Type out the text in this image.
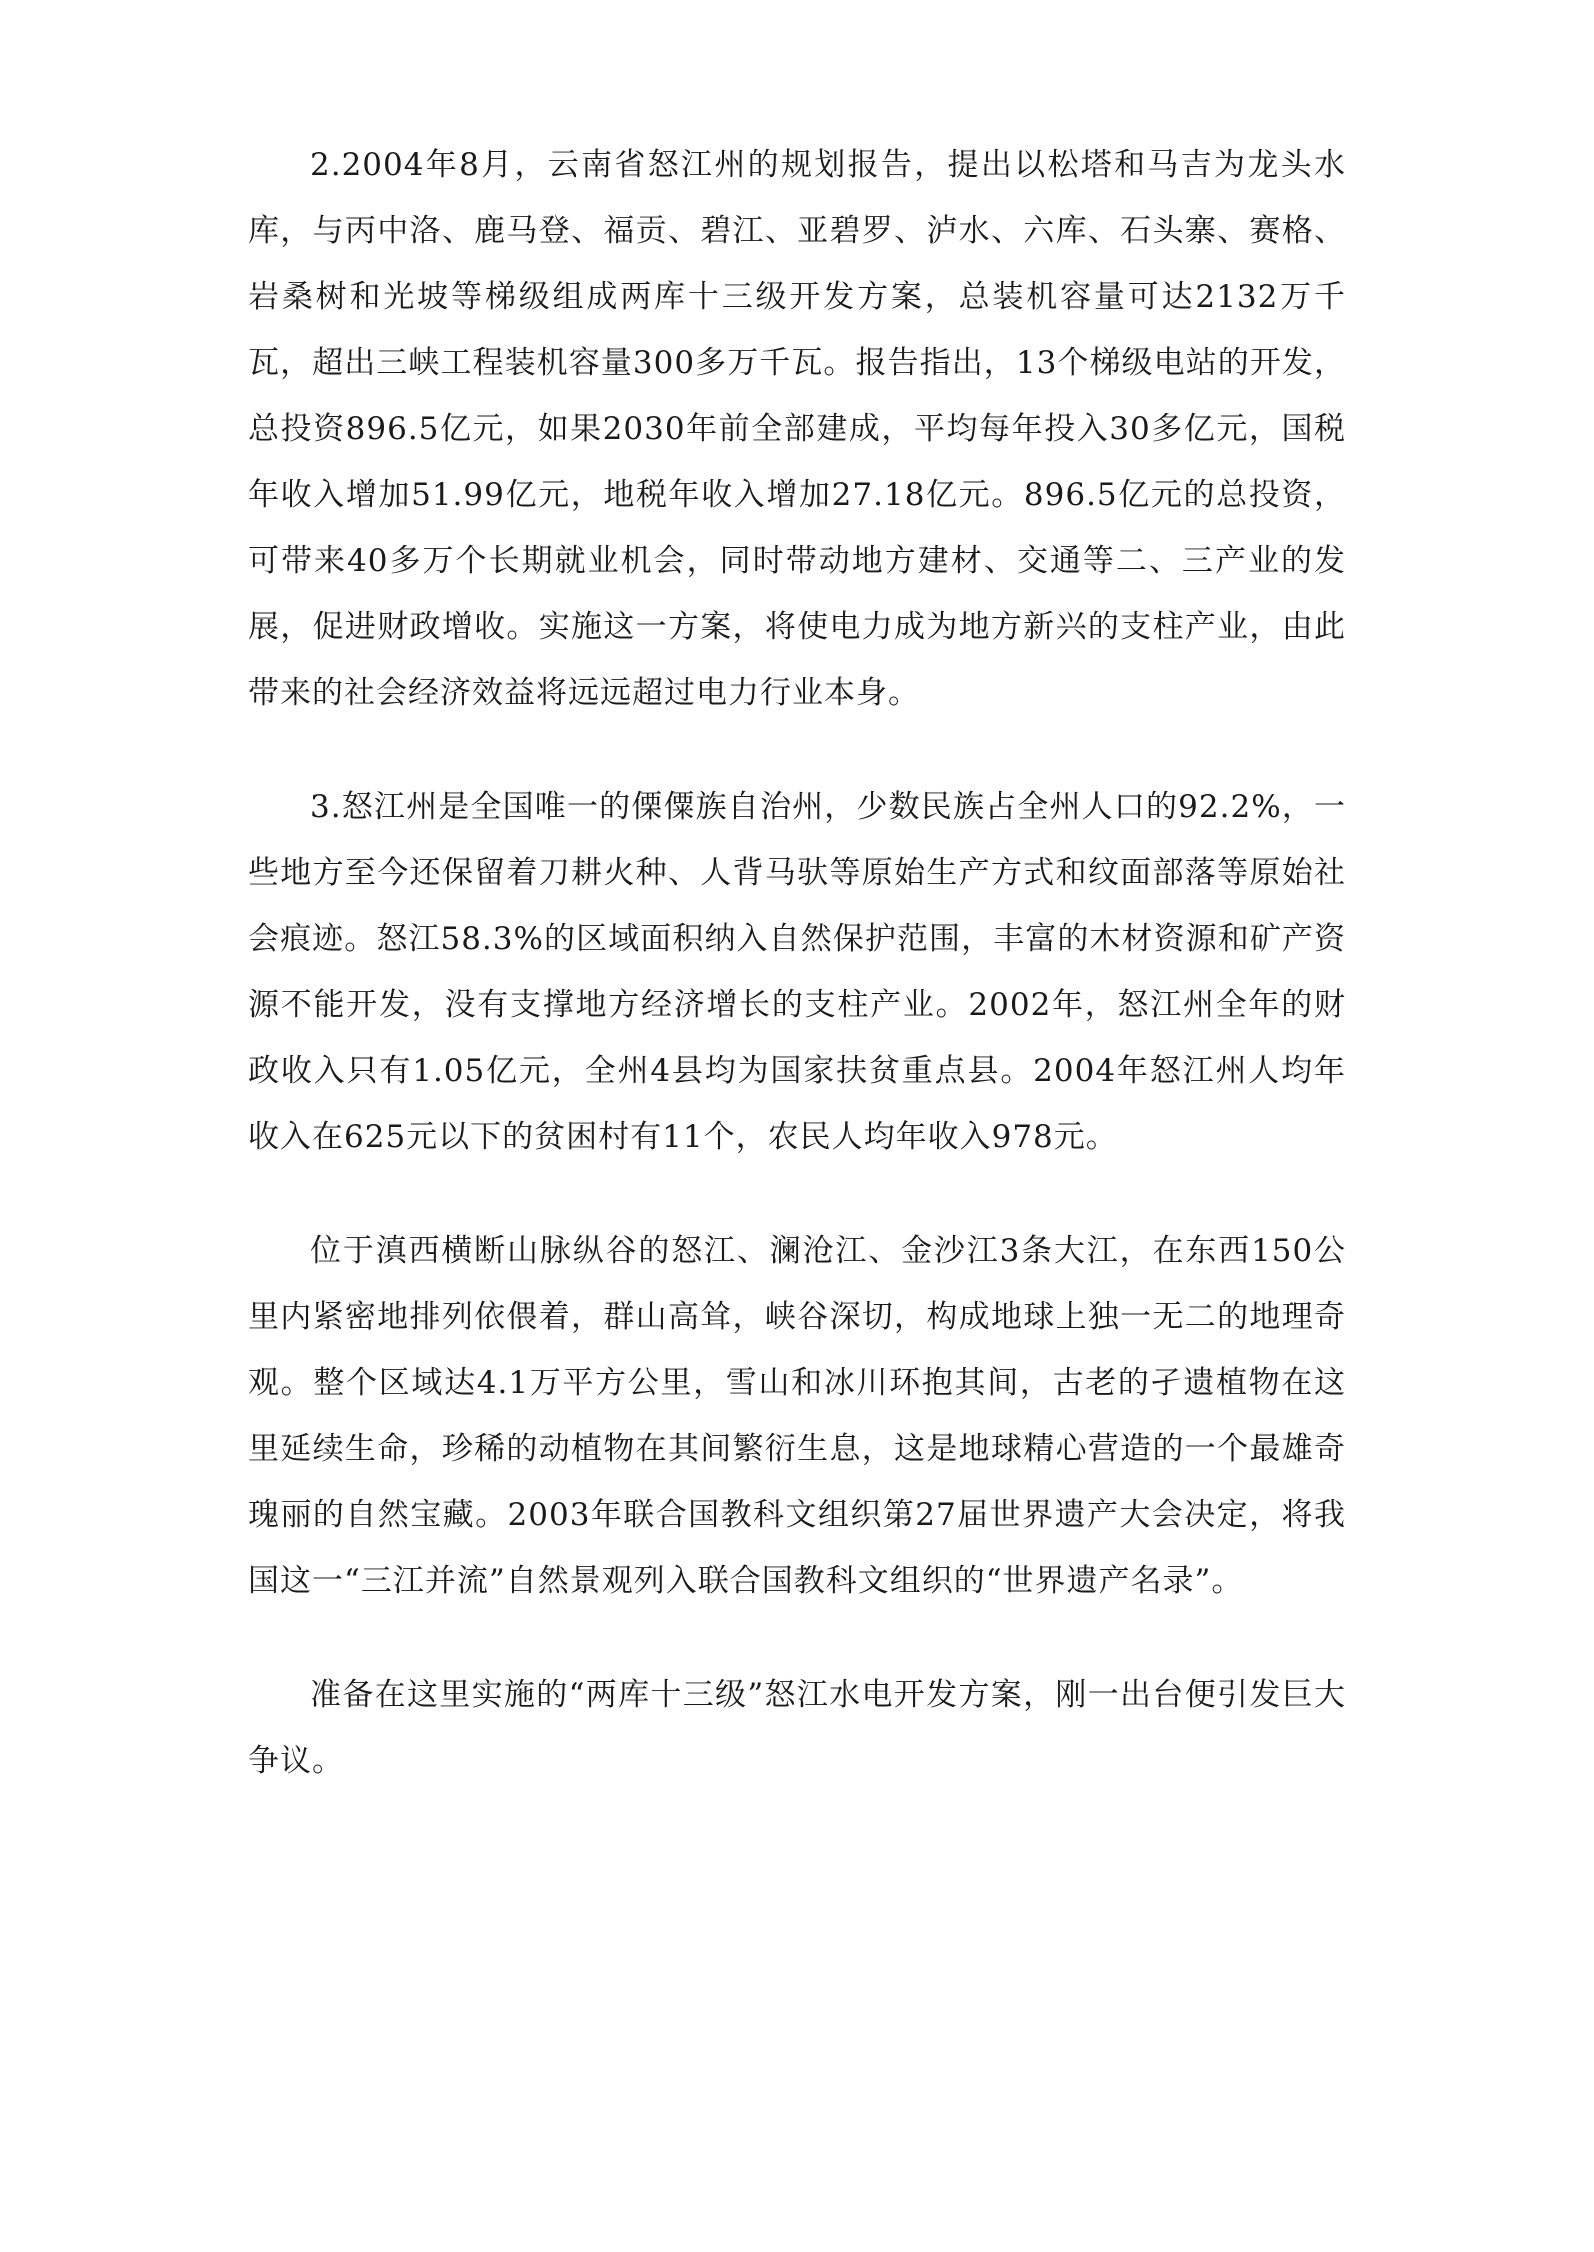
2.2004年8月，云南省怒江州的规划报告，提出以松塔和马吉为龙头水库，与丙中洛、鹿马登、福贡、碧江、亚碧罗、泸水、六库、石头寨、赛格、岩桑树和光坡等梯级组成两库十三级开发方案，总装机容量可达2132万千瓦，超出三峡工程装机容量300多万千瓦。报告指出，13个梯级电站的开发，总投资896.5亿元，如果2030年前全部建成，平均每年投入30多亿元，国税年收入增加51.99亿元，地税年收入增加27.18亿元。896.5亿元的总投资，可带来40多万个长期就业机会，同时带动地方建材、交通等二、三产业的发展，促进财政增收。实施这一方案，将使电力成为地方新兴的支柱产业，由此带来的社会经济效益将远远超过电力行业本身。

3.怒江州是全国唯一的傈僳族自治州，少数民族占全州人口的92.2%，一些地方至今还保留着刀耕火种、人背马驮等原始生产方式和纹面部落等原始社会痕迹。怒江58.3%的区域面积纳入自然保护范围，丰富的木材资源和矿产资源不能开发，没有支撑地方经济增长的支柱产业。2002年，怒江州全年的财政收入只有1.05亿元，全州4县均为国家扶贫重点县。2004年怒江州人均年收入在625元以下的贫困村有11个，农民人均年收入978元。

位于滇西横断山脉纵谷的怒江、澜沧江、金沙江3条大江，在东西150公里内紧密地排列依偎着，群山高耸，峡谷深切，构成地球上独一无二的地理奇观。整个区域达4.1万平方公里，雪山和冰川环抱其间，古老的孑遗植物在这里延续生命，珍稀的动植物在其间繁衍生息，这是地球精心营造的一个最雄奇瑰丽的自然宝藏。2003年联合国教科文组织第27届世界遗产大会决定，将我国这一“三江并流”自然景观列入联合国教科文组织的“世界遗产名录”。

准备在这里实施的“两库十三级”怒江水电开发方案，刚一出台便引发巨大争议。
